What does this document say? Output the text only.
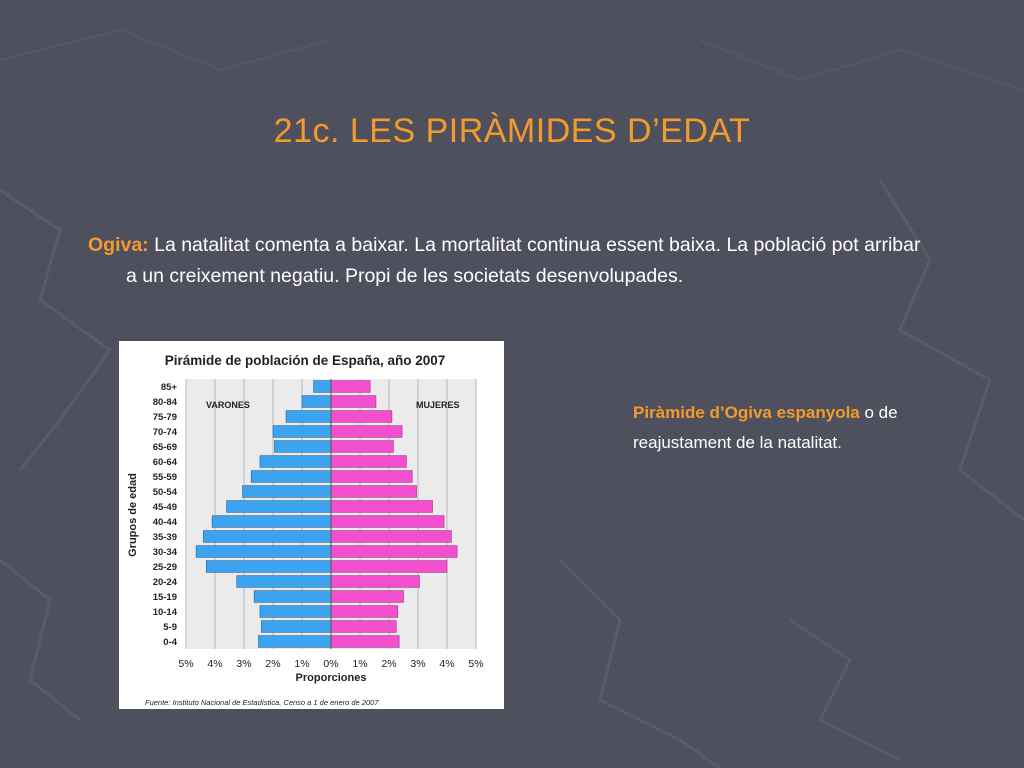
21c. LES PIRÀMIDES D’EDAT
Ogiva: La natalitat comenta a baixar. La mortalitat continua essent baixa. La població pot arribar a un creixement negatiu. Propi de les societats desenvolupades.
Piràmide d’Ogiva espanyola o de reajustament de la natalitat.
Pirámide de población de España, año 2007
VARONES	MUJERES
Grupos de edad
Proporciones
Fuente: Instituto Nacional de Estadística. Censo a 1 de enero de 2007
5% 4% 3% 2% 1% 0% 1% 2% 3% 4% 5%
0-4
5-9
10-14
15-19
20-24
25-29
30-34
35-39
40-44
45-49
50-54
55-59
60-64
65-69
70-74
75-79
80-84
85+
